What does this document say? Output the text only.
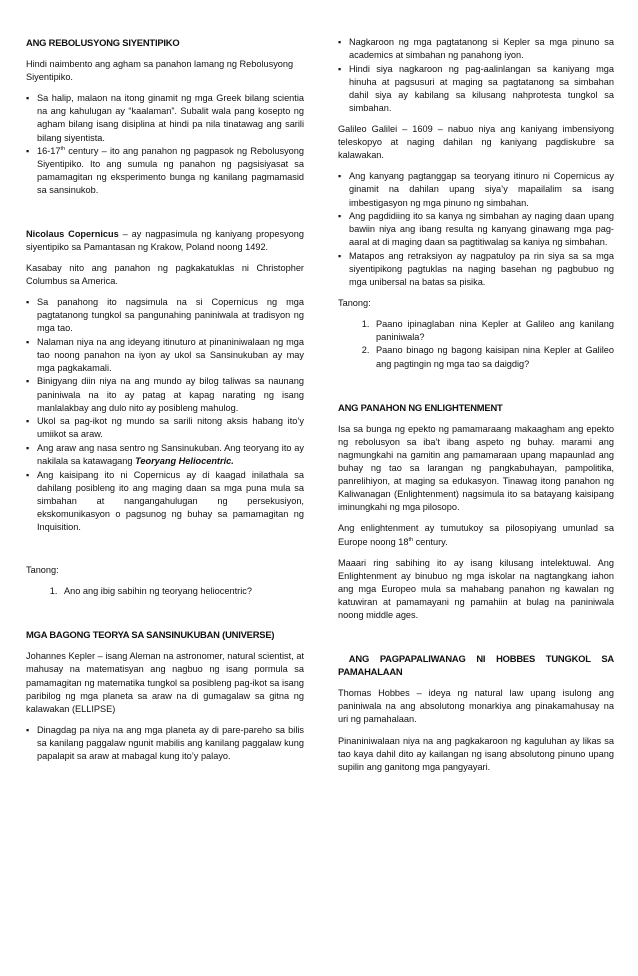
ANG REBOLUSYONG SIYENTIPIKO

Hindi naimbento ang agham sa panahon lamang ng Rebolusyong Siyentipiko.

▪ Sa halip, malaon na itong ginamit ng mga Greek bilang scientia na ang kahulugan ay “kaalaman”. Subalit wala pang kosepto ng agham bilang isang disiplina at hindi pa nila tinatawag ang sarili bilang siyentista.
▪ 16-17th century – ito ang panahon ng pagpasok ng Rebolusyong Siyentipiko. Ito ang sumula ng panahon ng pagsisiyasat sa pamamagitan ng eksperimento bunga ng kanilang pagmamasid sa sansinukob.

Nicolaus Copernicus – ay nagpasimula ng kaniyang propesyong siyentipiko sa Pamantasan ng Krakow, Poland noong 1492.

Kasabay nito ang panahon ng pagkakatuklas ni Christopher Columbus sa America.

▪ Sa panahong ito nagsimula na si Copernicus ng mga pagtatanong tungkol sa pangunahing paniniwala at tradisyon ng mga tao.
▪ Nalaman niya na ang ideyang itinuturo at pinaniniwalaan ng mga tao noong panahon na iyon ay ukol sa Sansinukuban ay may mga pagkakamali.
▪ Binigyang diin niya na ang mundo ay bilog taliwas sa naunang paniniwala na ito ay patag at kapag narating ng isang manlalakbay ang dulo nito ay posibleng mahulog.
▪ Ukol sa pag-ikot ng mundo sa sarili nitong aksis habang ito’y umiikot sa araw.
▪ Ang araw ang nasa sentro ng Sansinukuban. Ang teoryang ito ay nakilala sa katawagang Teoryang Heliocentric.
▪ Ang kaisipang ito ni Copernicus ay di kaagad inilathala sa dahilang posibleng ito ang maging daan sa mga puna mula sa simbahan at nangangahulugan ng persekusiyon, ekskomunikasyon o pagsunog ng buhay sa pamamagitan ng Inquisition.

Tanong:

1. Ano ang ibig sabihin ng teoryang heliocentric?
MGA BAGONG TEORYA SA SANSINUKUBAN (UNIVERSE)

Johannes Kepler – isang Aleman na astronomer, natural scientist, at mahusay na matematisyan ang nagbuo ng isang pormula sa pamamagitan ng matematika tungkol sa posibleng pag-ikot sa isang paribilog ng mga planeta sa araw na di gumagalaw sa gitna ng kalawakan (ELLIPSE)

▪ Dinagdag pa niya na ang mga planeta ay di pare-pareho sa bilis sa kanilang paggalaw ngunit mabilis ang kanilang paggalaw kung papalapit sa araw at mabagal kung ito’y palayo.
▪ Nagkaroon ng mga pagtatanong si Kepler sa mga pinuno sa academics at simbahan ng panahong iyon.
▪ Hindi siya nagkaroon ng pag-aalinlangan sa kaniyang mga hinuha at pagsusuri at maging sa pagtatanong sa simbahan dahil siya ay kabilang sa kilusang nahprotesta tungkol sa simbahan.

Galileo Galilei – 1609 – nabuo niya ang kaniyang imbensiyong teleskopyo at naging dahilan ng kaniyang pagdiskubre sa kalawakan.

▪ Ang kanyang pagtanggap sa teoryang itinuro ni Copernicus ay ginamit na dahilan upang siya’y mapailalim sa isang imbestigasyon ng mga pinuno ng simbahan.
▪ Ang pagdidiing ito sa kanya ng simbahan ay naging daan upang bawiin niya ang ibang resulta ng kanyang ginawang mga pag-aaral at di maging daan sa pagtitiwalag sa kaniya ng simbahan.
▪ Matapos ang retraksiyon ay nagpatuloy pa rin siya sa sa mga siyentipikong pagtuklas na naging basehan ng pagbubuo ng mga unibersal na batas sa pisika.

Tanong:

1. Paano ipinaglaban nina Kepler at Galileo ang kanilang paniniwala?
2. Paano binago ng bagong kaisipan nina Kepler at Galileo ang pagtingin ng mga tao sa daigdig?
ANG PANAHON NG ENLIGHTENMENT

Isa sa bunga ng epekto ng pamamaraang makaagham ang epekto ng rebolusyon sa iba’t ibang aspeto ng buhay. marami ang nagmungkahi na gamitin ang pamamaraan upang mapaunlad ang buhay ng tao sa larangan ng pangkabuhayan, pampolitika, panrelihiyon, at maging sa edukasyon. Tinawag itong panahon ng Kaliwanagan (Enlightenment) nagsimula ito sa batayang kaisipang iminungkahi ng mga pilosopo.

Ang enlightenment ay tumutukoy sa pilosopiyang umunlad sa Europe noong 18th century.

Maaari ring sabihing ito ay isang kilusang intelektuwal. Ang Enlightenment ay binubuo ng mga iskolar na nagtangkang iahon ang mga Europeo mula sa mahabang panahon ng kawalan ng katuwiran at pamamayani ng pamahiin at bulag na paniniwala noong middle ages.

ANG PAGPAPALIWANAG NI HOBBES TUNGKOL SA PAMAHALAAN

Thomas Hobbes – ideya ng natural law upang isulong ang paniniwala na ang absolutong monarkiya ang pinakamahusay na uri ng pamahalaan.

Pinaniniwalaan niya na ang pagkakaroon ng kaguluhan ay likas sa tao kaya dahil dito ay kailangan ng isang absolutong pinuno upang supilin ang ganitong mga pangyayari.
